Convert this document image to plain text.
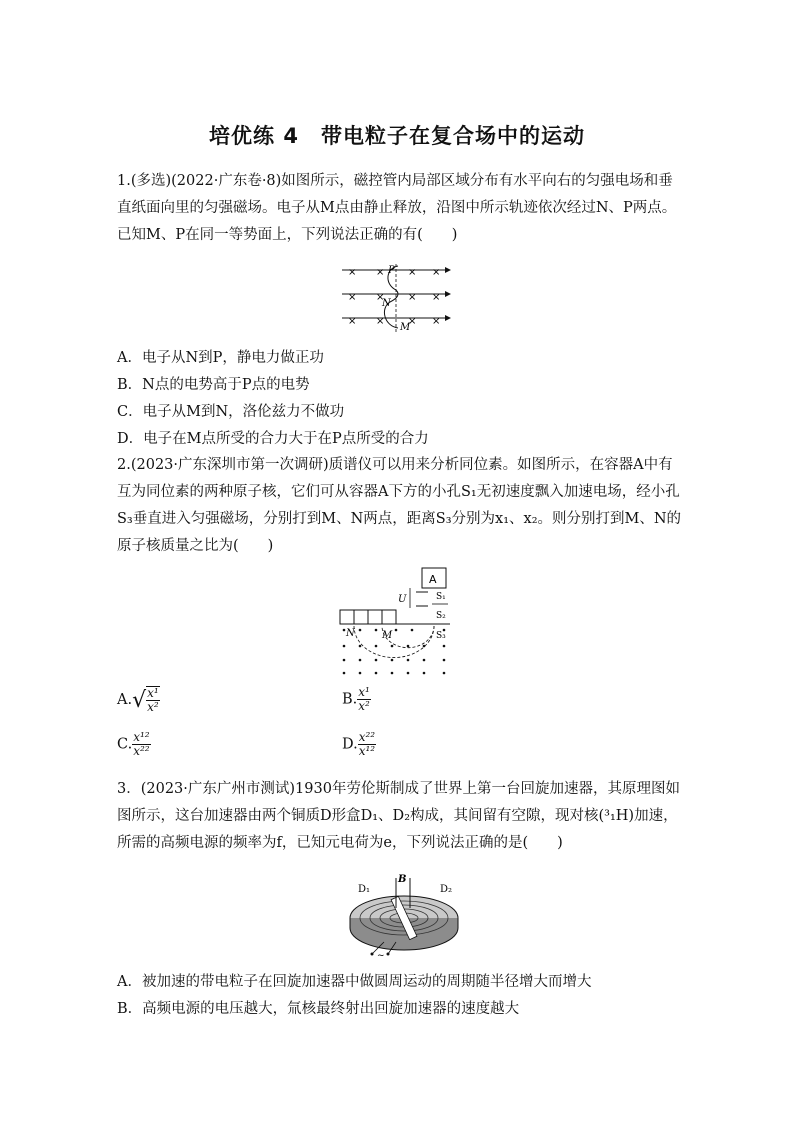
培优练 4　带电粒子在复合场中的运动
1.(多选)(2022·广东卷·8)如图所示，磁控管内局部区域分布有水平向右的匀强电场和垂直纸面向里的匀强磁场。电子从M点由静止释放，沿图中所示轨迹依次经过N、P两点。已知M、P在同一等势面上，下列说法正确的有(　　)
× × × ×
× × × ×
× × × ×
P
N
M
A．电子从N到P，静电力做正功
B．N点的电势高于P点的电势
C．电子从M到N，洛伦兹力不做功
D．电子在M点所受的合力大于在P点所受的合力
2.(2023·广东深圳市第一次调研)质谱仪可以用来分析同位素。如图所示，在容器A中有互为同位素的两种原子核，它们可从容器A下方的小孔S₁无初速度飘入加速电场，经小孔S₃垂直进入匀强磁场，分别打到M、N两点，距离S₃分别为x₁、x₂。则分别打到M、N的原子核质量之比为(　　)
A
U	S₁
S₂
S₃
N	M
$A.√ \frac{\text{x¹}}{\text{x²}}$	B. $\frac{\text{x¹}}{\text{x²}}$
C. $\frac{\text{x¹²}}{\text{x²²}}$	D. $\frac{\text{x²²}}{\text{x¹²}}$
3．(2023·广东广州市测试)1930年劳伦斯制成了世界上第一台回旋加速器，其原理图如图所示，这台加速器由两个铜质D形盒D₁、D₂构成，其间留有空隙，现对核(³₁H)加速，所需的高频电源的频率为f，已知元电荷为e，下列说法正确的是(　　)
B
D₁	D₂
~
A．被加速的带电粒子在回旋加速器中做圆周运动的周期随半径增大而增大
B．高频电源的电压越大，氚核最终射出回旋加速器的速度越大
